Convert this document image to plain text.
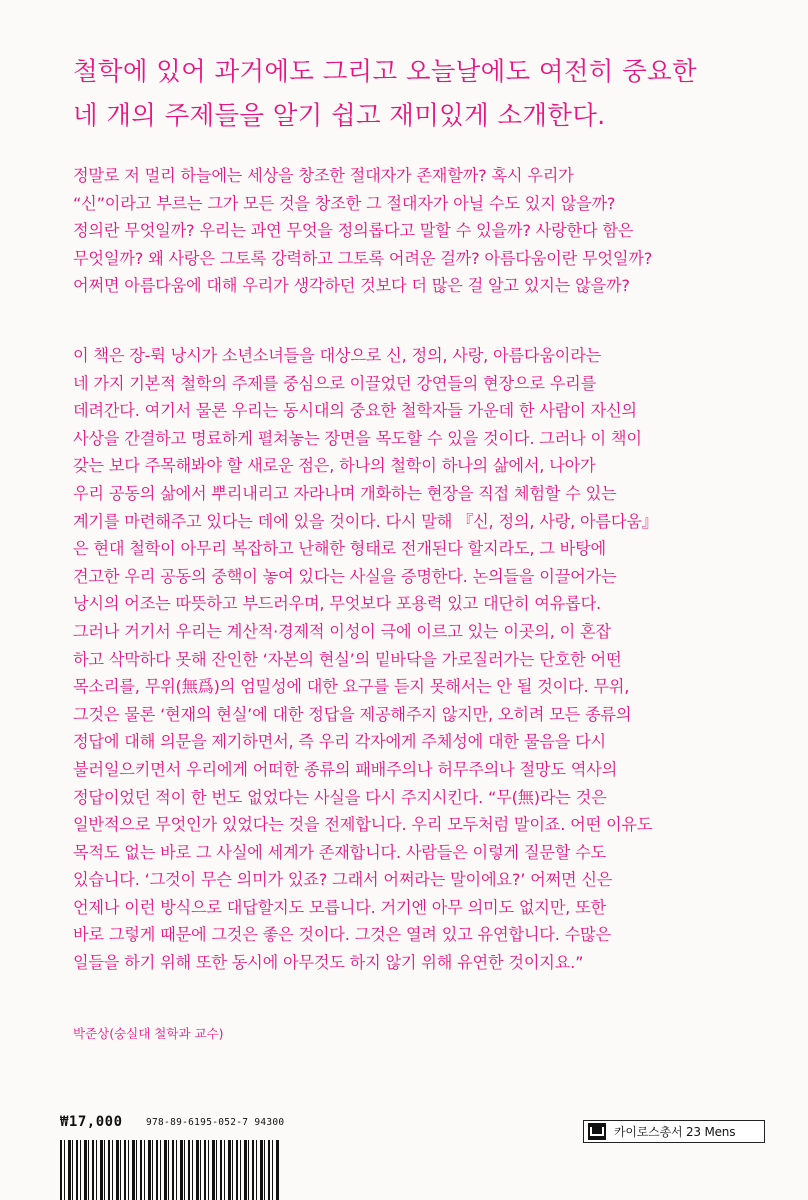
철학에 있어 과거에도 그리고 오늘날에도 여전히 중요한
네 개의 주제들을 알기 쉽고 재미있게 소개한다.
정말로 저 멀리 하늘에는 세상을 창조한 절대자가 존재할까? 혹시 우리가
“신”이라고 부르는 그가 모든 것을 창조한 그 절대자가 아닐 수도 있지 않을까?
정의란 무엇일까? 우리는 과연 무엇을 정의롭다고 말할 수 있을까? 사랑한다 함은
무엇일까? 왜 사랑은 그토록 강력하고 그토록 어려운 걸까? 아름다움이란 무엇일까?
어쩌면 아름다움에 대해 우리가 생각하던 것보다 더 많은 걸 알고 있지는 않을까?
이 책은 장-뤽 낭시가 소년소녀들을 대상으로 신, 정의, 사랑, 아름다움이라는
네 가지 기본적 철학의 주제를 중심으로 이끌었던 강연들의 현장으로 우리를
데려간다. 여기서 물론 우리는 동시대의 중요한 철학자들 가운데 한 사람이 자신의
사상을 간결하고 명료하게 펼쳐놓는 장면을 목도할 수 있을 것이다. 그러나 이 책이
갖는 보다 주목해봐야 할 새로운 점은, 하나의 철학이 하나의 삶에서, 나아가
우리 공동의 삶에서 뿌리내리고 자라나며 개화하는 현장을 직접 체험할 수 있는
계기를 마련해주고 있다는 데에 있을 것이다. 다시 말해 『신, 정의, 사랑, 아름다움』
은 현대 철학이 아무리 복잡하고 난해한 형태로 전개된다 할지라도, 그 바탕에
견고한 우리 공동의 중핵이 놓여 있다는 사실을 증명한다. 논의들을 이끌어가는
낭시의 어조는 따뜻하고 부드러우며, 무엇보다 포용력 있고 대단히 여유롭다.
그러나 거기서 우리는 계산적·경제적 이성이 극에 이르고 있는 이곳의, 이 혼잡
하고 삭막하다 못해 잔인한 ‘자본의 현실’의 밑바닥을 가로질러가는 단호한 어떤
목소리를, 무위(無爲)의 엄밀성에 대한 요구를 듣지 못해서는 안 될 것이다. 무위,
그것은 물론 ‘현재의 현실’에 대한 정답을 제공해주지 않지만, 오히려 모든 종류의
정답에 대해 의문을 제기하면서, 즉 우리 각자에게 주체성에 대한 물음을 다시
불러일으키면서 우리에게 어떠한 종류의 패배주의나 허무주의나 절망도 역사의
정답이었던 적이 한 번도 없었다는 사실을 다시 주지시킨다. “무(無)라는 것은
일반적으로 무엇인가 있었다는 것을 전제합니다. 우리 모두처럼 말이죠. 어떤 이유도
목적도 없는 바로 그 사실에 세계가 존재합니다. 사람들은 이렇게 질문할 수도
있습니다. ‘그것이 무슨 의미가 있죠? 그래서 어쩌라는 말이에요?’ 어쩌면 신은
언제나 이런 방식으로 대답할지도 모릅니다. 거기엔 아무 의미도 없지만, 또한
바로 그렇게 때문에 그것은 좋은 것이다. 그것은 열려 있고 유연합니다. 수많은
일들을 하기 위해 또한 동시에 아무것도 하지 않기 위해 유연한 것이지요.”
박준상(숭실대 철학과 교수)
₩17,000 978-89-6195-052-7 94300
카이로스총서 23 Mens
